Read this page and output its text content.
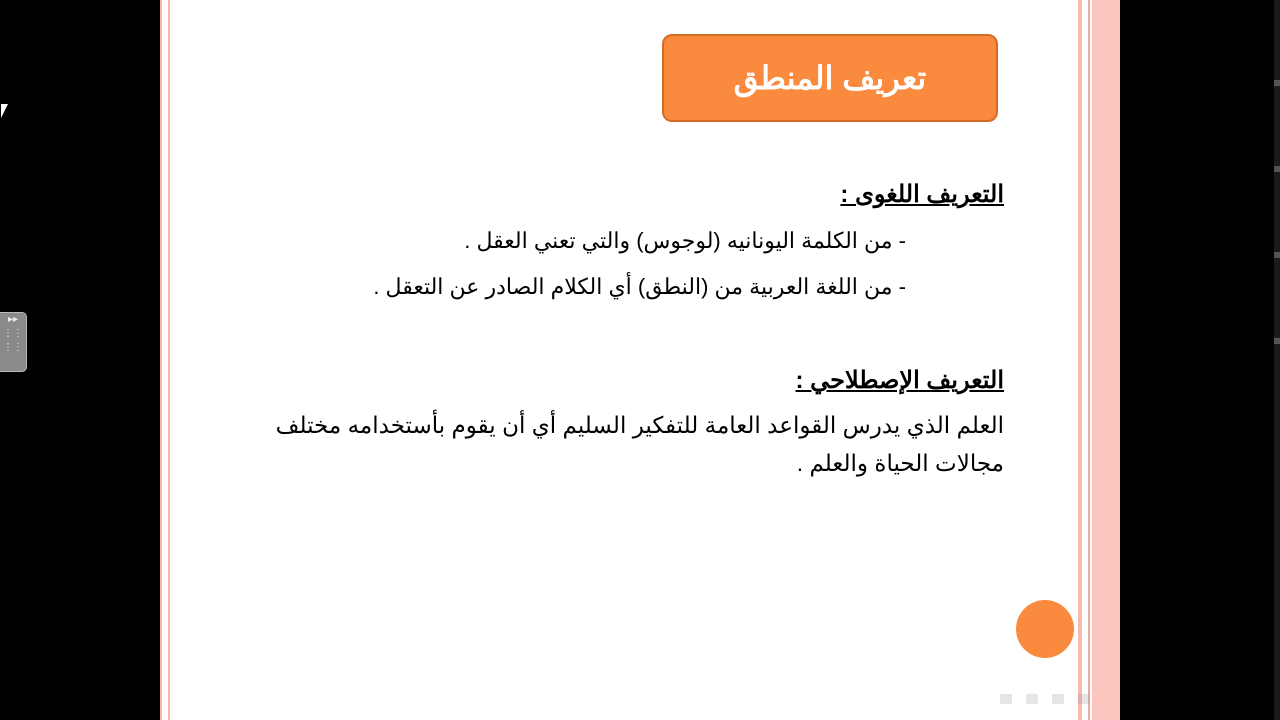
▸▸
⋮⋮
⋮⋮
تعريف المنطق
التعريف اللغوى :
- من الكلمة اليونانيه (لوجوس) والتي تعني العقل .
- من اللغة العربية من (النطق) أي الكلام الصادر عن التعقل .
التعريف الإصطلاحي :
العلم الذي يدرس القواعد العامة للتفكير السليم أي أن يقوم بأستخدامه مختلف مجالات الحياة والعلم .
